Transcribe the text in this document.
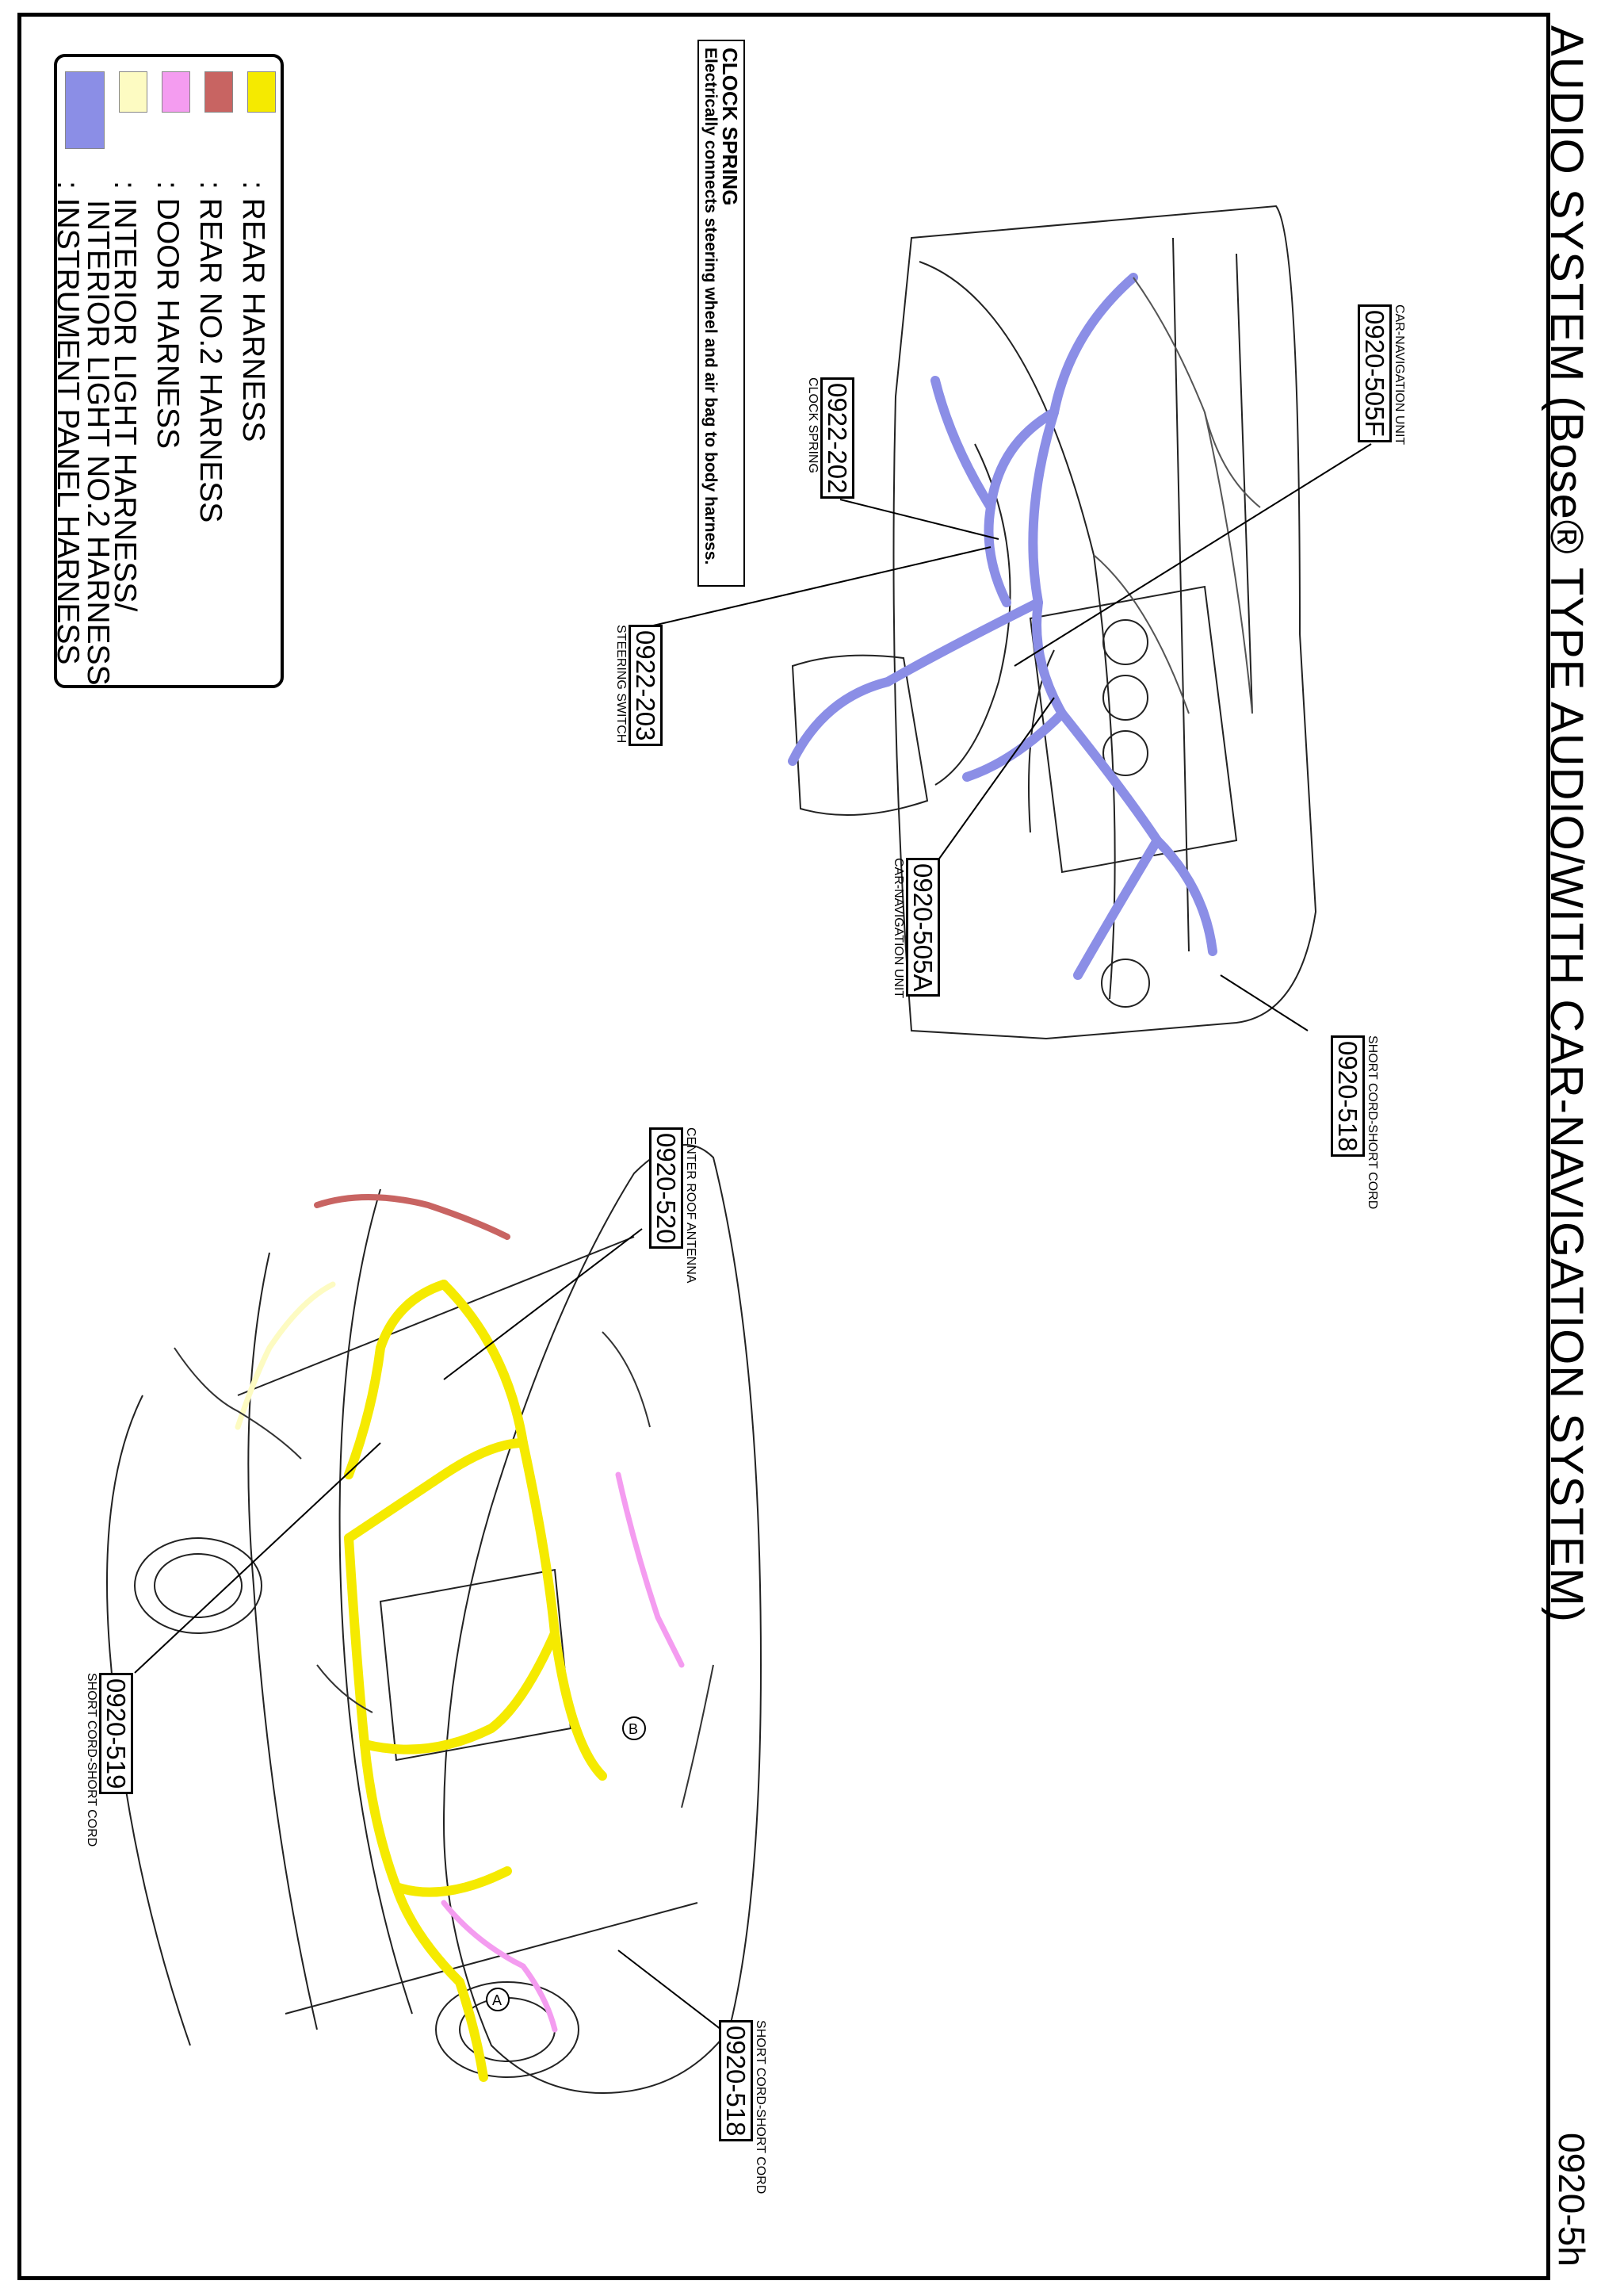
A
B
AUDIO SYSTEM (Bose® TYPE AUDIO/WITH CAR-NAVIGATION SYSTEM)
0920-5h
: REAR HARNESS
: REAR NO.2 HARNESS
: DOOR HARNESS
: INTERIOR LIGHT HARNESS/
INTERIOR LIGHT NO.2 HARNESS
: INSTRUMENT PANEL HARNESS
CLOCK SPRING
Electrically connects steering wheel and air bag to body harness.	CAR-NAVIGATION UNIT
0920-505F
0922-202
CLOCK SPRING
0922-203
STEERING SWITCH
0920-505A
CAR-NAVIGATION UNIT
SHORT CORD-SHORT CORD
0920-518
CENTER ROOF ANTENNA
0920-520
0920-519
SHORT CORD-SHORT CORD
SHORT CORD-SHORT CORD
0920-518
